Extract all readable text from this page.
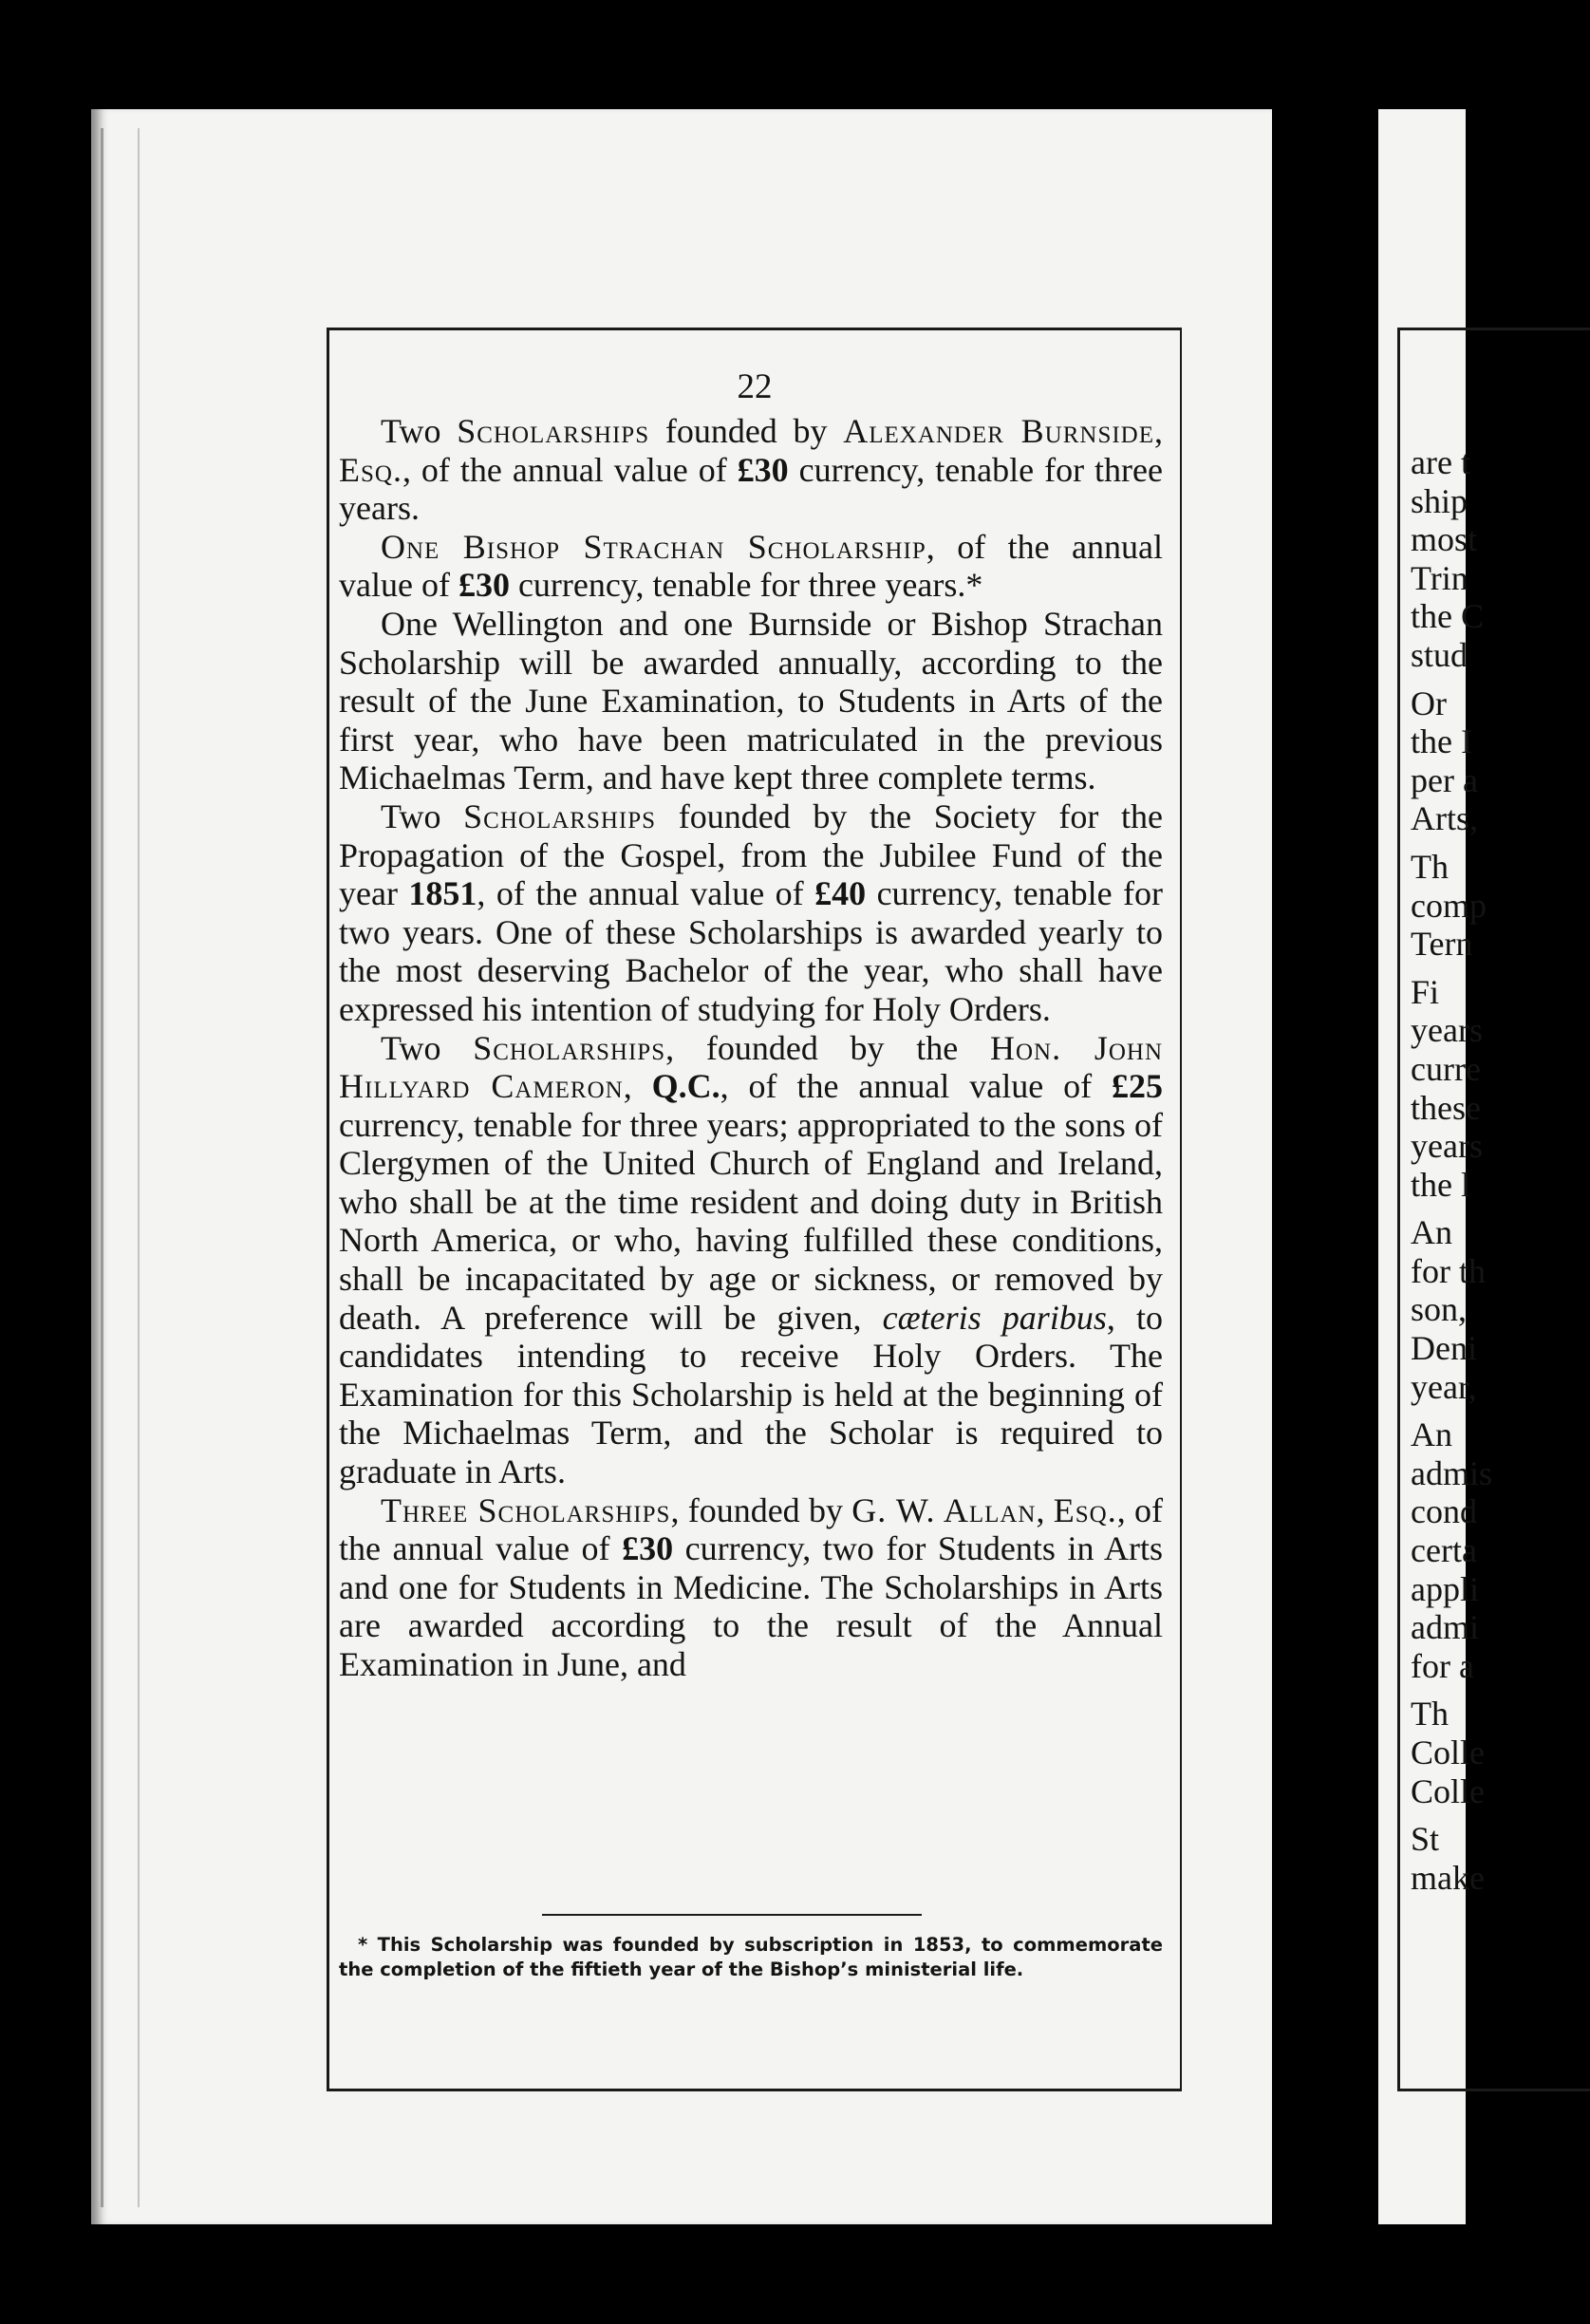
22

Two Scholarships founded by Alexander Burnside, Esq., of the annual value of £30 currency, tenable for three years.

One Bishop Strachan Scholarship, of the annual value of £30 currency, tenable for three years.*

One Wellington and one Burnside or Bishop Strachan Scholarship will be awarded annually, according to the result of the June Examination, to Students in Arts of the first year, who have been matriculated in the previous Michaelmas Term, and have kept three complete terms.

Two Scholarships founded by the Society for the Propagation of the Gospel, from the Jubilee Fund of the year 1851, of the annual value of £40 currency, tenable for two years. One of these Scholarships is awarded yearly to the most deserving Bachelor of the year, who shall have expressed his intention of studying for Holy Orders.

Two Scholarships, founded by the Hon. John Hillyard Cameron, Q.C., of the annual value of £25 currency, tenable for three years; appropriated to the sons of Clergymen of the United Church of England and Ireland, who shall be at the time resident and doing duty in British North America, or who, having fulfilled these conditions, shall be incapacitated by age or sickness, or removed by death. A preference will be given, cæteris paribus, to candidates intending to receive Holy Orders. The Examination for this Scholarship is held at the beginning of the Michaelmas Term, and the Scholar is required to graduate in Arts.

Three Scholarships, founded by G. W. Allan, Esq., of the annual value of £30 currency, two for Students in Arts and one for Students in Medicine. The Scholarships in Arts are awarded according to the result of the Annual Examination in June, and

* This Scholarship was founded by subscription in 1853, to commemorate the completion of the fiftieth year of the Bishop’s ministerial life.
are t
ship
most
Trin
the C
stud
Or
the I
per a
Arts,
Th
comp
Tern
Fi
years
curre
these
years
the l
An
for th
son,
Deni
year,
An
admis
cond
certa
appli
admi
for a
Th
Colle
Colle
St
make
